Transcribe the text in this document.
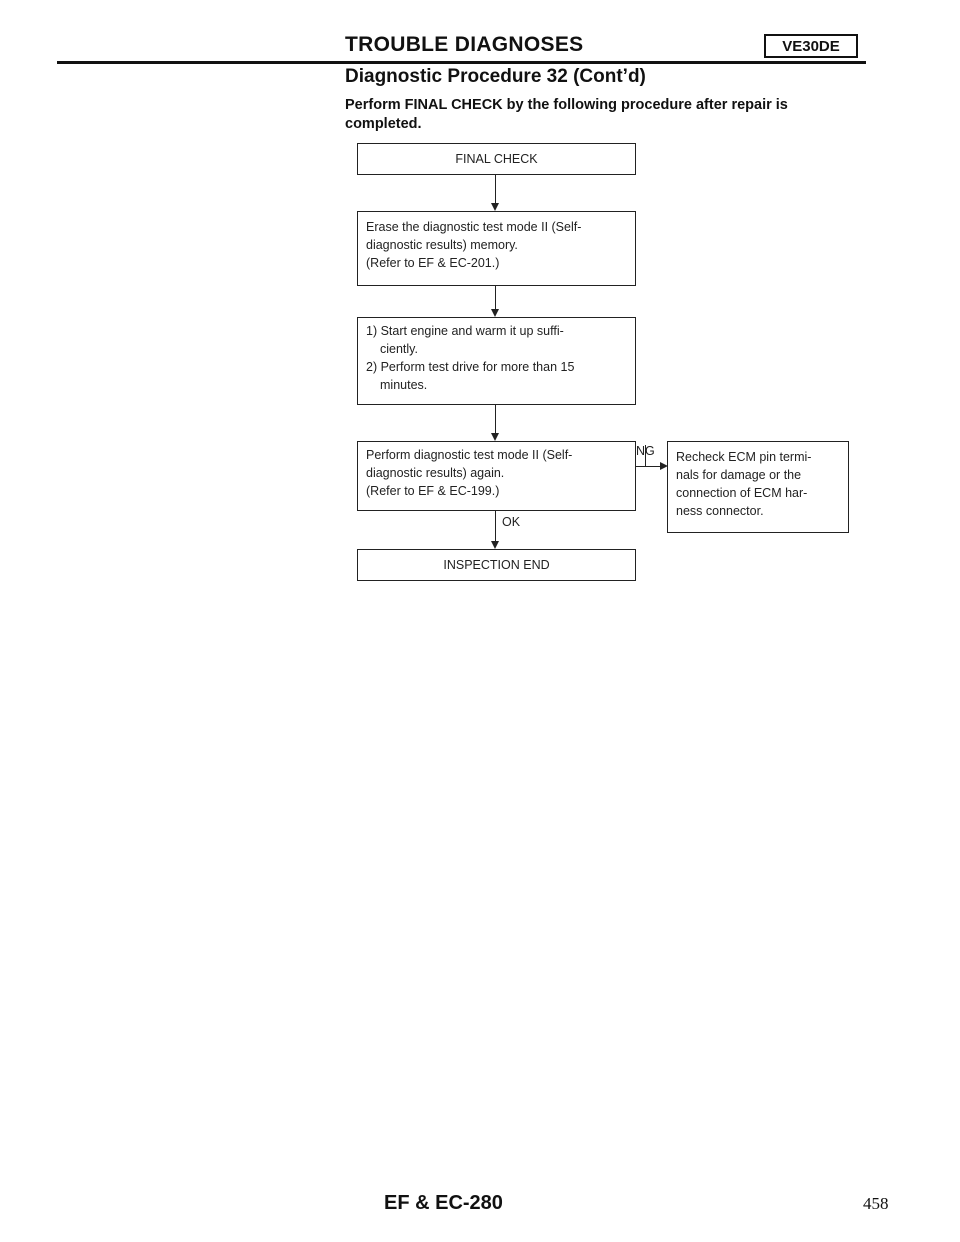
TROUBLE DIAGNOSES	VE30DE
Diagnostic Procedure 32 (Cont’d)
Perform FINAL CHECK by the following procedure after repair is completed.
FINAL CHECK
Erase the diagnostic test mode II (Self-
diagnostic results) memory.
(Refer to EF & EC-201.)
1) Start engine and warm it up suffi-
ciently.
2) Perform test drive for more than 15
minutes.
Perform diagnostic test mode II (Self-
diagnostic results) again.
(Refer to EF & EC-199.)
NG Recheck ECM pin termi-
nals for damage or the
connection of ECM har-
ness connector.
OK
INSPECTION END
EF & EC-280	458
